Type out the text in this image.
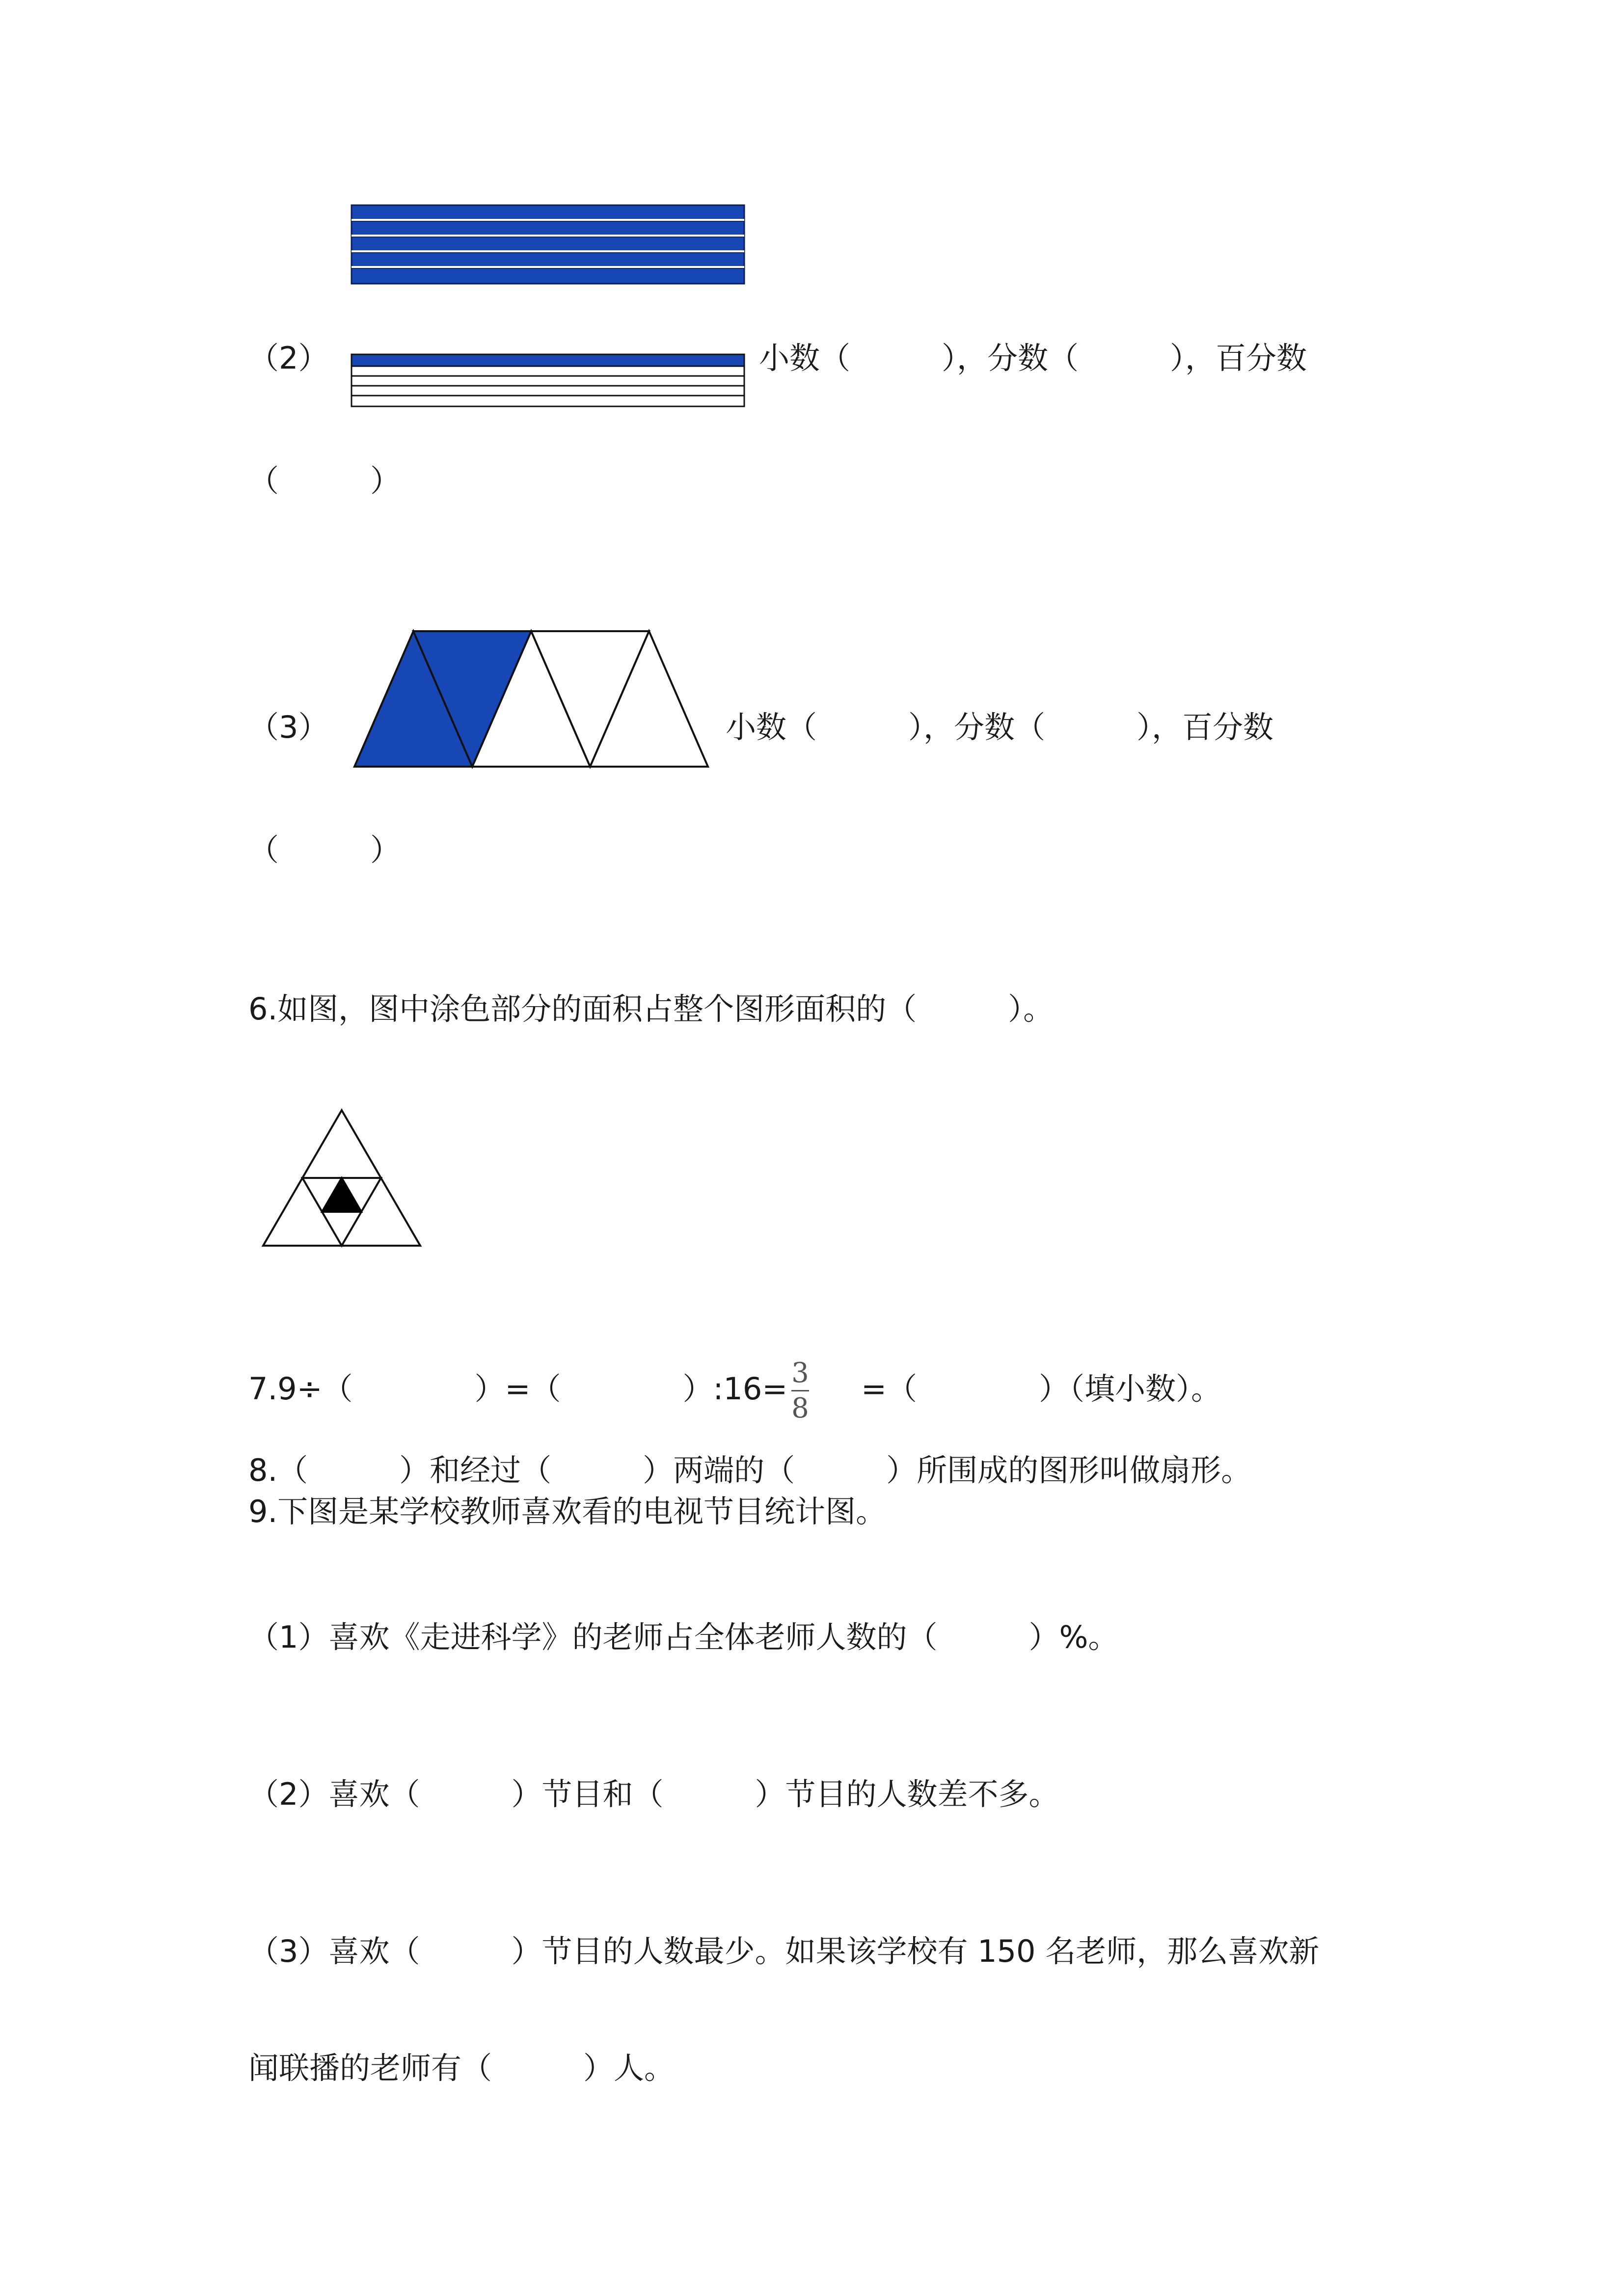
（2）	小数（　　　），分数（　　　），百分数
（　　　）
（3）	小数（　　　），分数（　　　），百分数
（　　　）
6.如图，图中涂色部分的面积占整个图形面积的（　　　）。
7.9÷（　　　　）=（　　　　）:16= 3
8
=（　　　　）（填小数）。
8.（　　　）和经过（　　　）两端的（　　　）所围成的图形叫做扇形。
9.下图是某学校教师喜欢看的电视节目统计图。
（1）喜欢《走进科学》的老师占全体老师人数的（　　　）%。
（2）喜欢（　　　）节目和（　　　）节目的人数差不多。
（3）喜欢（　　　）节目的人数最少。如果该学校有 150 名老师，那么喜欢新
闻联播的老师有（　　　）人。
